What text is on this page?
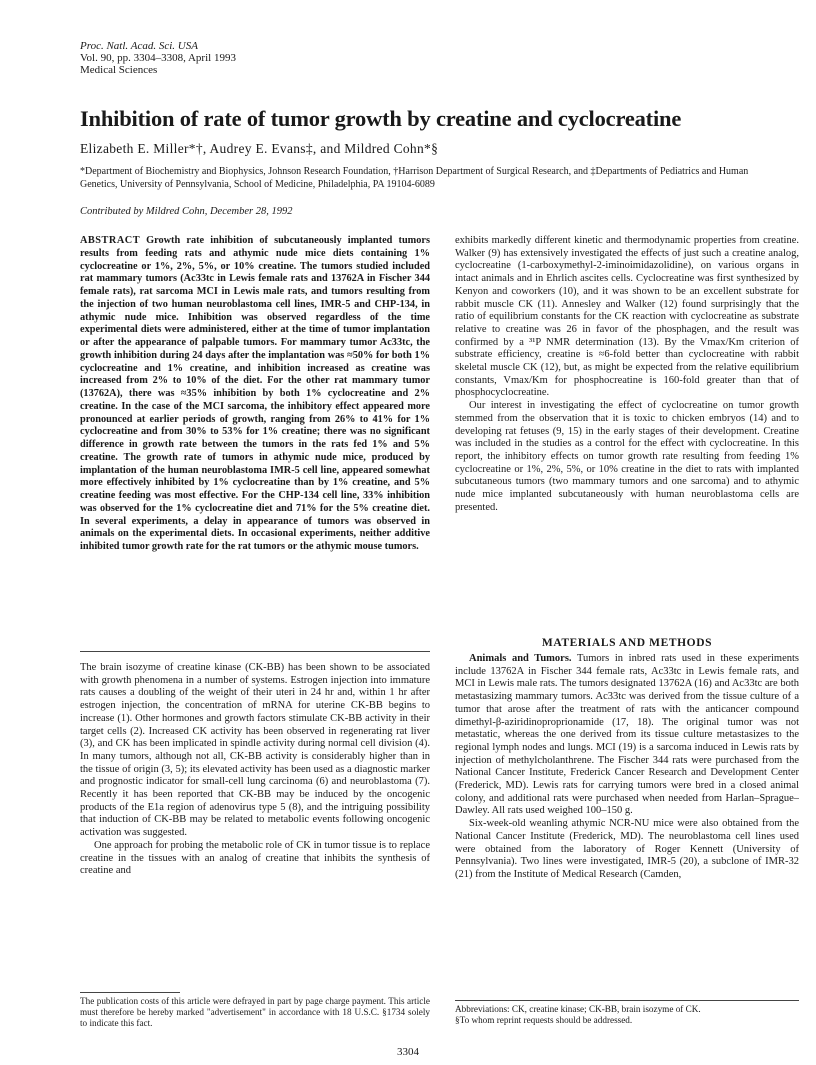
Proc. Natl. Acad. Sci. USA
Vol. 90, pp. 3304–3308, April 1993
Medical Sciences
Inhibition of rate of tumor growth by creatine and cyclocreatine
Elizabeth E. Miller*†, Audrey E. Evans‡, and Mildred Cohn*§
*Department of Biochemistry and Biophysics, Johnson Research Foundation, †Harrison Department of Surgical Research, and ‡Departments of Pediatrics and Human Genetics, University of Pennsylvania, School of Medicine, Philadelphia, PA 19104-6089
Contributed by Mildred Cohn, December 28, 1992
ABSTRACT Growth rate inhibition of subcutaneously implanted tumors results from feeding rats and athymic nude mice diets containing 1% cyclocreatine or 1%, 2%, 5%, or 10% creatine. The tumors studied included rat mammary tumors (Ac33tc in Lewis female rats and 13762A in Fischer 344 female rats), rat sarcoma MCI in Lewis male rats, and tumors resulting from the injection of two human neuroblastoma cell lines, IMR-5 and CHP-134, in athymic nude mice. Inhibition was observed regardless of the time experimental diets were administered, either at the time of tumor implantation or after the appearance of palpable tumors. For mammary tumor Ac33tc, the growth inhibition during 24 days after the implantation was ≈50% for both 1% cyclocreatine and 1% creatine, and inhibition increased as creatine was increased from 2% to 10% of the diet. For the other rat mammary tumor (13762A), there was ≈35% inhibition by both 1% cyclocreatine and 2% creatine. In the case of the MCI sarcoma, the inhibitory effect appeared more pronounced at earlier periods of growth, ranging from 26% to 41% for 1% cyclocreatine and from 30% to 53% for 1% creatine; there was no significant difference in growth rate between the tumors in the rats fed 1% and 5% creatine. The growth rate of tumors in athymic nude mice, produced by implantation of the human neuroblastoma IMR-5 cell line, appeared somewhat more effectively inhibited by 1% cyclocreatine than by 1% creatine, and 5% creatine feeding was most effective. For the CHP-134 cell line, 33% inhibition was observed for the 1% cyclocreatine diet and 71% for the 5% creatine diet. In several experiments, a delay in appearance of tumors was observed in animals on the experimental diets. In occasional experiments, neither additive inhibited tumor growth rate for the rat tumors or the athymic mouse tumors.

The brain isozyme of creatine kinase (CK-BB) has been shown to be associated with growth phenomena in a number of systems. Estrogen injection into immature rats causes a doubling of the weight of their uteri in 24 hr and, within 1 hr after estrogen injection, the concentration of mRNA for uterine CK-BB begins to increase (1). Other hormones and growth factors stimulate CK-BB activity in their target cells (2). Increased CK activity has been observed in regenerating rat liver (3), and CK has been implicated in spindle activity during normal cell division (4). In many tumors, although not all, CK-BB activity is considerably higher than in the tissue of origin (3, 5); its elevated activity has been used as a diagnostic marker and prognostic indicator for small-cell lung carcinoma (6) and neuroblastoma (7). Recently it has been reported that CK-BB may be induced by the oncogenic products of the E1a region of adenovirus type 5 (8), and the intriguing possibility that induction of CK-BB may be related to metabolic events following oncogenic activation was suggested.

One approach for probing the metabolic role of CK in tumor tissue is to replace creatine in the tissues with an analog of creatine that inhibits the synthesis of creatine and

The publication costs of this article were defrayed in part by page charge payment. This article must therefore be hereby marked "advertisement" in accordance with 18 U.S.C. §1734 solely to indicate this fact.

exhibits markedly different kinetic and thermodynamic properties from creatine. Walker (9) has extensively investigated the effects of just such a creatine analog, cyclocreatine (1-carboxymethyl-2-iminoimidazolidine), on various organs in intact animals and in Ehrlich ascites cells. Cyclocreatine was first synthesized by Kenyon and coworkers (10), and it was shown to be an excellent substrate for rabbit muscle CK (11). Annesley and Walker (12) found surprisingly that the ratio of equilibrium constants for the CK reaction with cyclocreatine as substrate relative to creatine was 26 in favor of the phosphagen, and the result was confirmed by a ³¹P NMR determination (13). By the Vmax/Km criterion of substrate efficiency, creatine is ≈6-fold better than cyclocreatine with rabbit skeletal muscle CK (12), but, as might be expected from the relative equilibrium constants, Vmax/Km for phosphocreatine is 160-fold greater than that of phosphocyclocreatine.

Our interest in investigating the effect of cyclocreatine on tumor growth stemmed from the observation that it is toxic to chicken embryos (14) and to developing rat fetuses (9, 15) in the early stages of their development. Creatine was included in the studies as a control for the effect with cyclocreatine. In this report, the inhibitory effects on tumor growth rate resulting from feeding 1% cyclocreatine or 1%, 2%, 5%, or 10% creatine in the diet to rats with implanted subcutaneous tumors (two mammary tumors and one sarcoma) and to athymic nude mice implanted subcutaneously with human neuroblastoma cells are presented.

MATERIALS AND METHODS

Animals and Tumors. Tumors in inbred rats used in these experiments include 13762A in Fischer 344 female rats, Ac33tc in Lewis female rats, and MCI in Lewis male rats. The tumors designated 13762A (16) and Ac33tc are both metastasizing mammary tumors. Ac33tc was derived from the tissue culture of a tumor that arose after the treatment of rats with the anticancer compound dimethyl-β-aziridinoproprionamide (17, 18). The original tumor was not metastatic, whereas the one derived from its tissue culture metastasizes to the regional lymph nodes and lungs. MCI (19) is a sarcoma induced in Lewis rats by injection of methylcholanthrene. The Fischer 344 rats were purchased from the National Cancer Institute, Frederick Cancer Research and Development Center (Frederick, MD). Lewis rats for carrying tumors were bred in a closed animal colony, and additional rats were purchased when needed from Harlan–Sprague–Dawley. All rats used weighed 100–150 g.

Six-week-old weanling athymic NCR-NU mice were also obtained from the National Cancer Institute (Frederick, MD). The neuroblastoma cell lines used were obtained from the laboratory of Roger Kennett (University of Pennsylvania). Two lines were investigated, IMR-5 (20), a subclone of IMR-32 (21) from the Institute of Medical Research (Camden,

Abbreviations: CK, creatine kinase; CK-BB, brain isozyme of CK.
§To whom reprint requests should be addressed.
3304
